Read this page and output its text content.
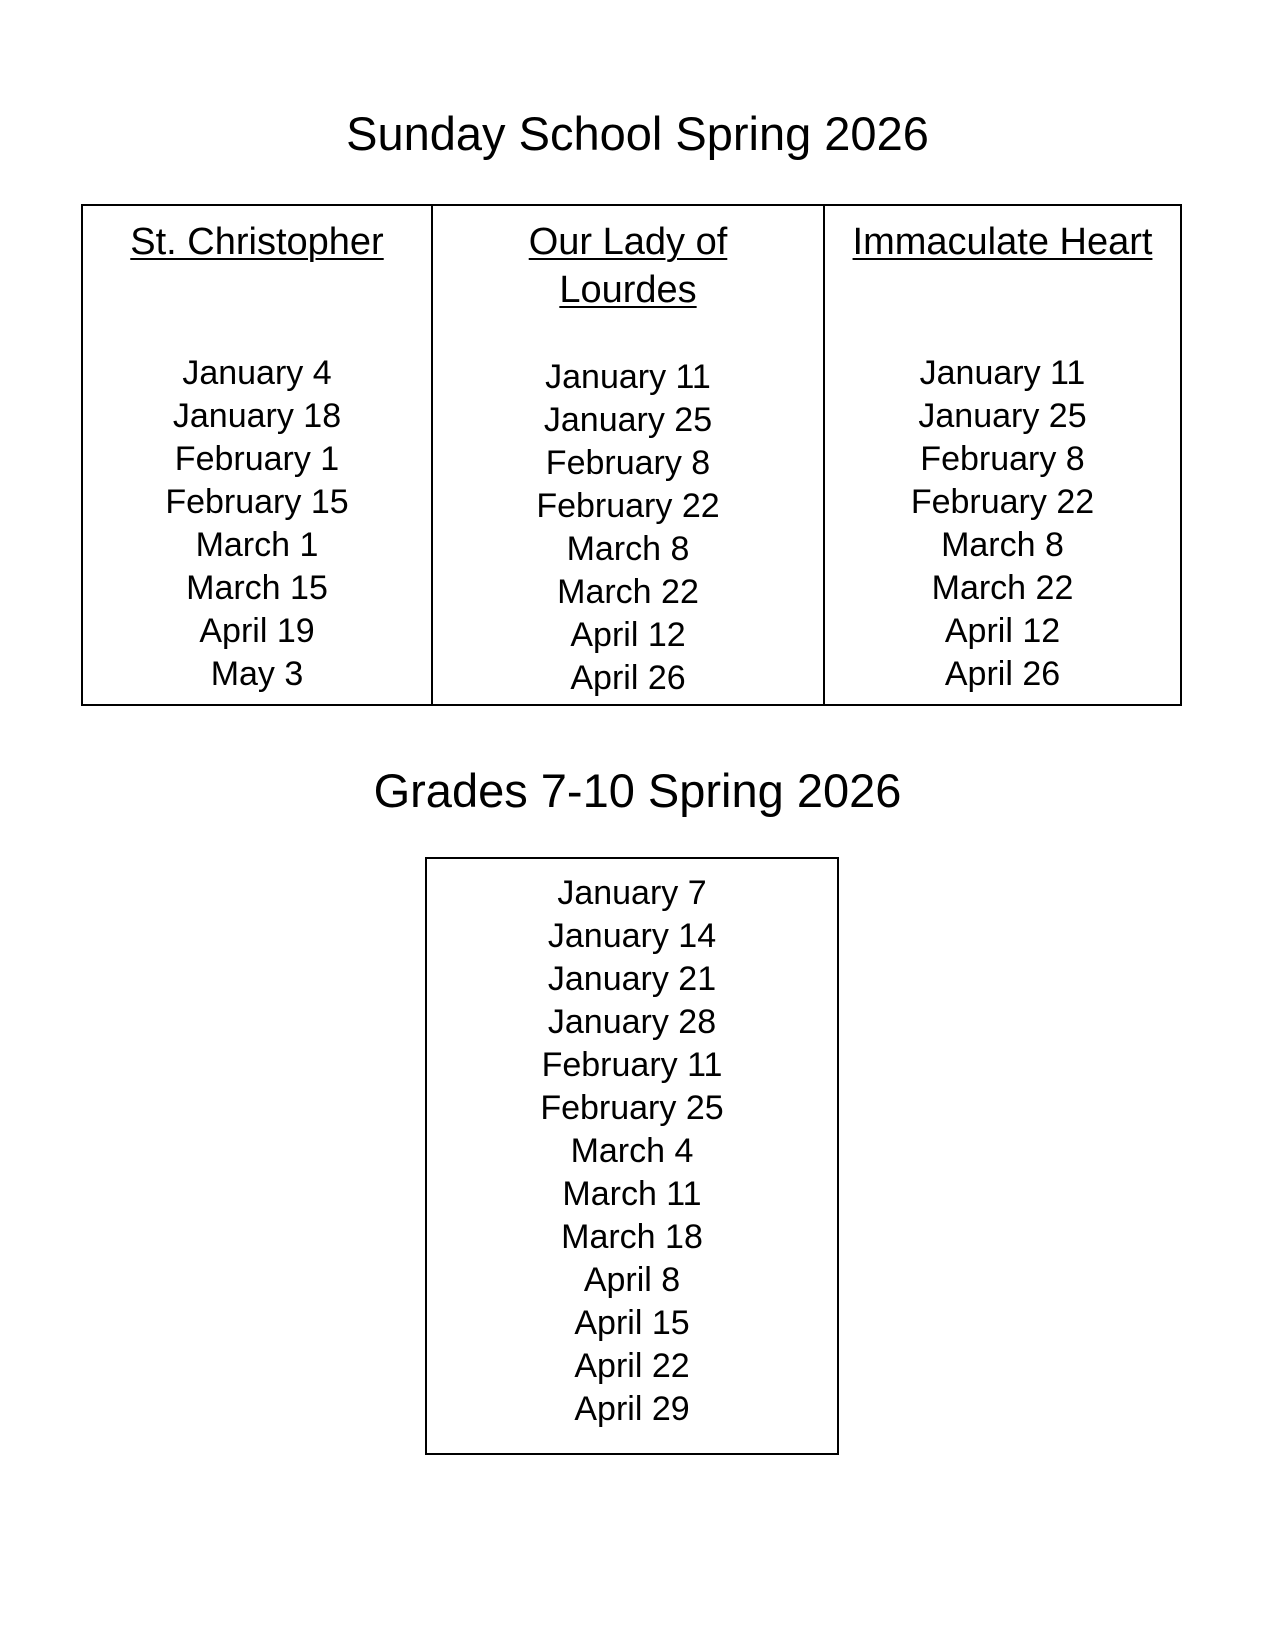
Sunday School Spring 2026

St. Christopher

January 4
January 18
February 1
February 15
March 1
March 15
April 19
May 3

Our Lady of Lourdes

January 11
January 25
February 8
February 22
March 8
March 22
April 12
April 26

Immaculate Heart

January 11
January 25
February 8
February 22
March 8
March 22
April 12
April 26
Grades 7-10 Spring 2026
January 7
January 14
January 21
January 28
February 11
February 25
March 4
March 11
March 18
April 8
April 15
April 22
April 29
